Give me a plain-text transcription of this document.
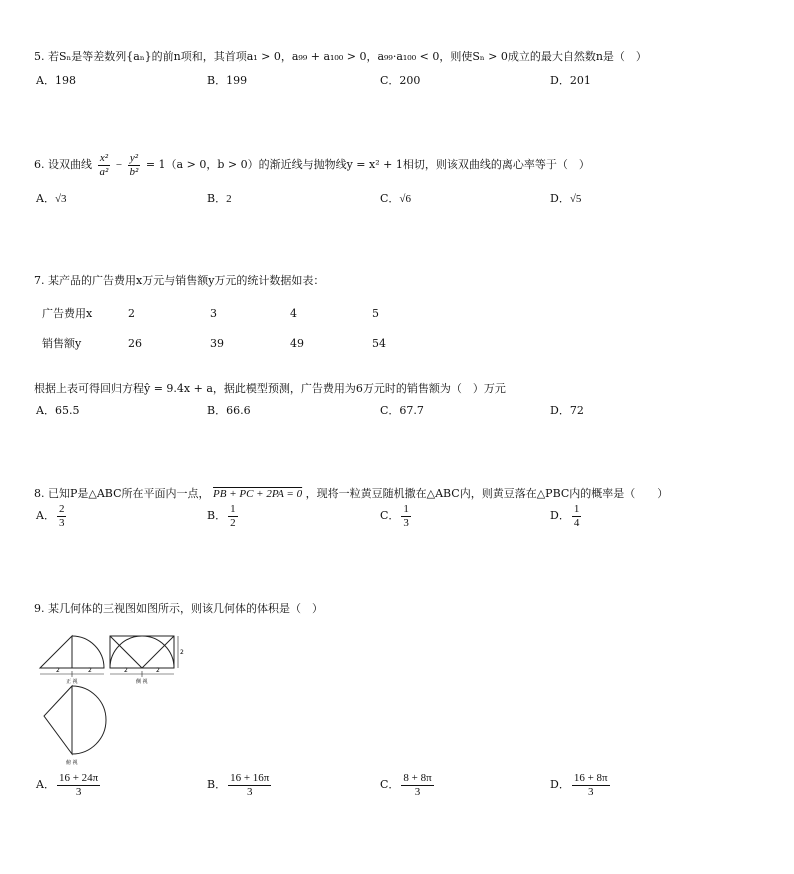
5. 若Sₙ是等差数列{aₙ}的前n项和，其首项a₁ > 0，a₉₉ + a₁₀₀ > 0，a₉₉·a₁₀₀ < 0，则使Sₙ > 0成立的最大自然数n是（　）
A．198	B．199	C．200	D．201
6. 设双曲线 $\frac{\text{x²}}{\text{a²}} - \frac{\text{y²}}{\text{b²}} = 1(a > 0$，b > 0）的渐近线与抛物线y = x² + 1相切，则该双曲线的离心率等于（　）
A．√3	B．2	C．√6	D．√5
7. 某产品的广告费用x万元与销售额y万元的统计数据如表：
广告费用x	2	3	4	5
销售额y	26	39	49	54
根据上表可得回归方程ŷ = 9.4x + a，据此模型预测，广告费用为6万元时的销售额为（　）万元
A．65.5	B．66.6	C．67.7	D．72
8. 已知P是△ABC所在平面内一点， PB + PC + 2PA = 0 ，现将一粒黄豆随机撒在△ABC内，则黄豆落在△PBC内的概率是（　　）
A． $\frac{2}{3}$	B． $\frac{1}{2}$	C． $\frac{1}{3}$	D． $\frac{1}{4}$
9. 某几何体的三视图如图所示，则该几何体的体积是（　）
2	2	2	2
2
正 视	侧 视
俯 视
A． $\frac{16 + 24\pi}{3}$	B． $\frac{16 + 16\pi}{3}$	C． $\frac{8 + 8\pi}{3}$	D． $\frac{16 + 8\pi}{3}$
